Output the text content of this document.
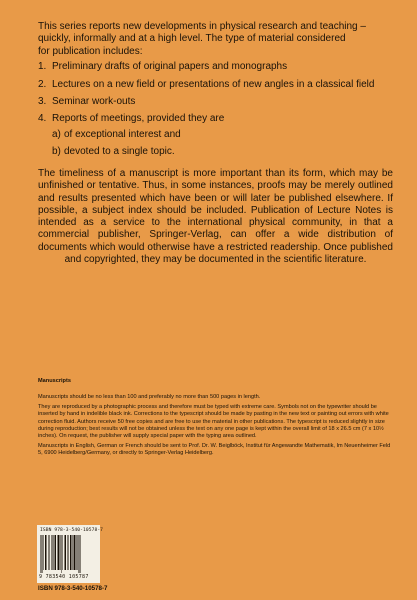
This series reports new developments in physical research and teaching –

quickly, informally and at a high level. The type of material considered

for publication includes:

1. Preliminary drafts of original papers and monographs
2. Lectures on a new field or presentations of new angles in a classical field
3. Seminar work-outs
4. Reports of meetings, provided they are
a) of exceptional interest and
b) devoted to a single topic.

The timeliness of a manuscript is more important than its form, which may be unfinished or tentative. Thus, in some instances, proofs may be merely outlined and results presented which have been or will later be published elsewhere. If possible, a subject index should be included. Publication of Lecture Notes is intended as a service to the international physical community, in that a commercial publisher, Springer-Verlag, can offer a wide distribution of documents which would otherwise have a restricted readership. Once published and copyrighted, they may be documented in the scientific literature.

Manuscripts

Manuscripts should be no less than 100 and preferably no more than 500 pages in length.

They are reproduced by a photographic process and therefore must be typed with extreme care. Symbols not on the typewriter should be inserted by hand in indelible black ink. Corrections to the typescript should be made by pasting in the new text or painting out errors with white correction fluid. Authors receive 50 free copies and are free to use the material in other publications. The typescript is reduced slightly in size during reproduction; best results will not be obtained unless the text on any one page is kept within the overall limit of 18 x 26.5 cm (7 x 10½ inches). On request, the publisher will supply special paper with the typing area outlined.

Manuscripts in English, German or French should be sent to Prof. Dr. W. Beiglböck, Institut für Angewandte Mathematik, Im Neuenheimer Feld 5, 6900 Heidelberg/Germany, or directly to Springer-Verlag Heidelberg.

ISBN 978-3-540-10578-7
9 783540 105787
ISBN 978-3-540-10578-7
